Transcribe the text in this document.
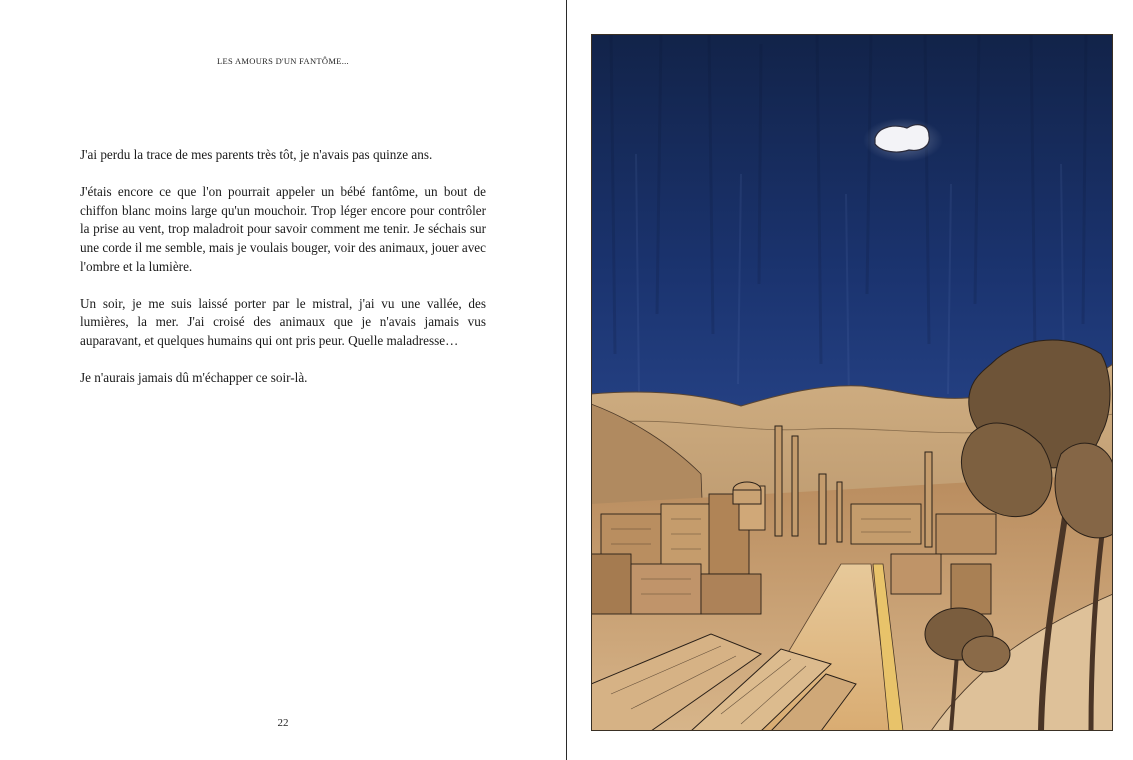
LES AMOURS D'UN FANTÔME...

J'ai perdu la trace de mes parents très tôt, je n'avais pas quinze ans.

J'étais encore ce que l'on pourrait appeler un bébé fantôme, un bout de chiffon blanc moins large qu'un mouchoir. Trop léger encore pour contrôler la prise au vent, trop maladroit pour savoir comment me tenir. Je séchais sur une corde il me semble, mais je voulais bouger, voir des animaux, jouer avec l'ombre et la lumière.

Un soir, je me suis laissé porter par le mistral, j'ai vu une vallée, des lumières, la mer. J'ai croisé des animaux que je n'avais jamais vus auparavant, et quelques humains qui ont pris peur. Quelle maladresse…

Je n'aurais jamais dû m'échapper ce soir-là.

22
